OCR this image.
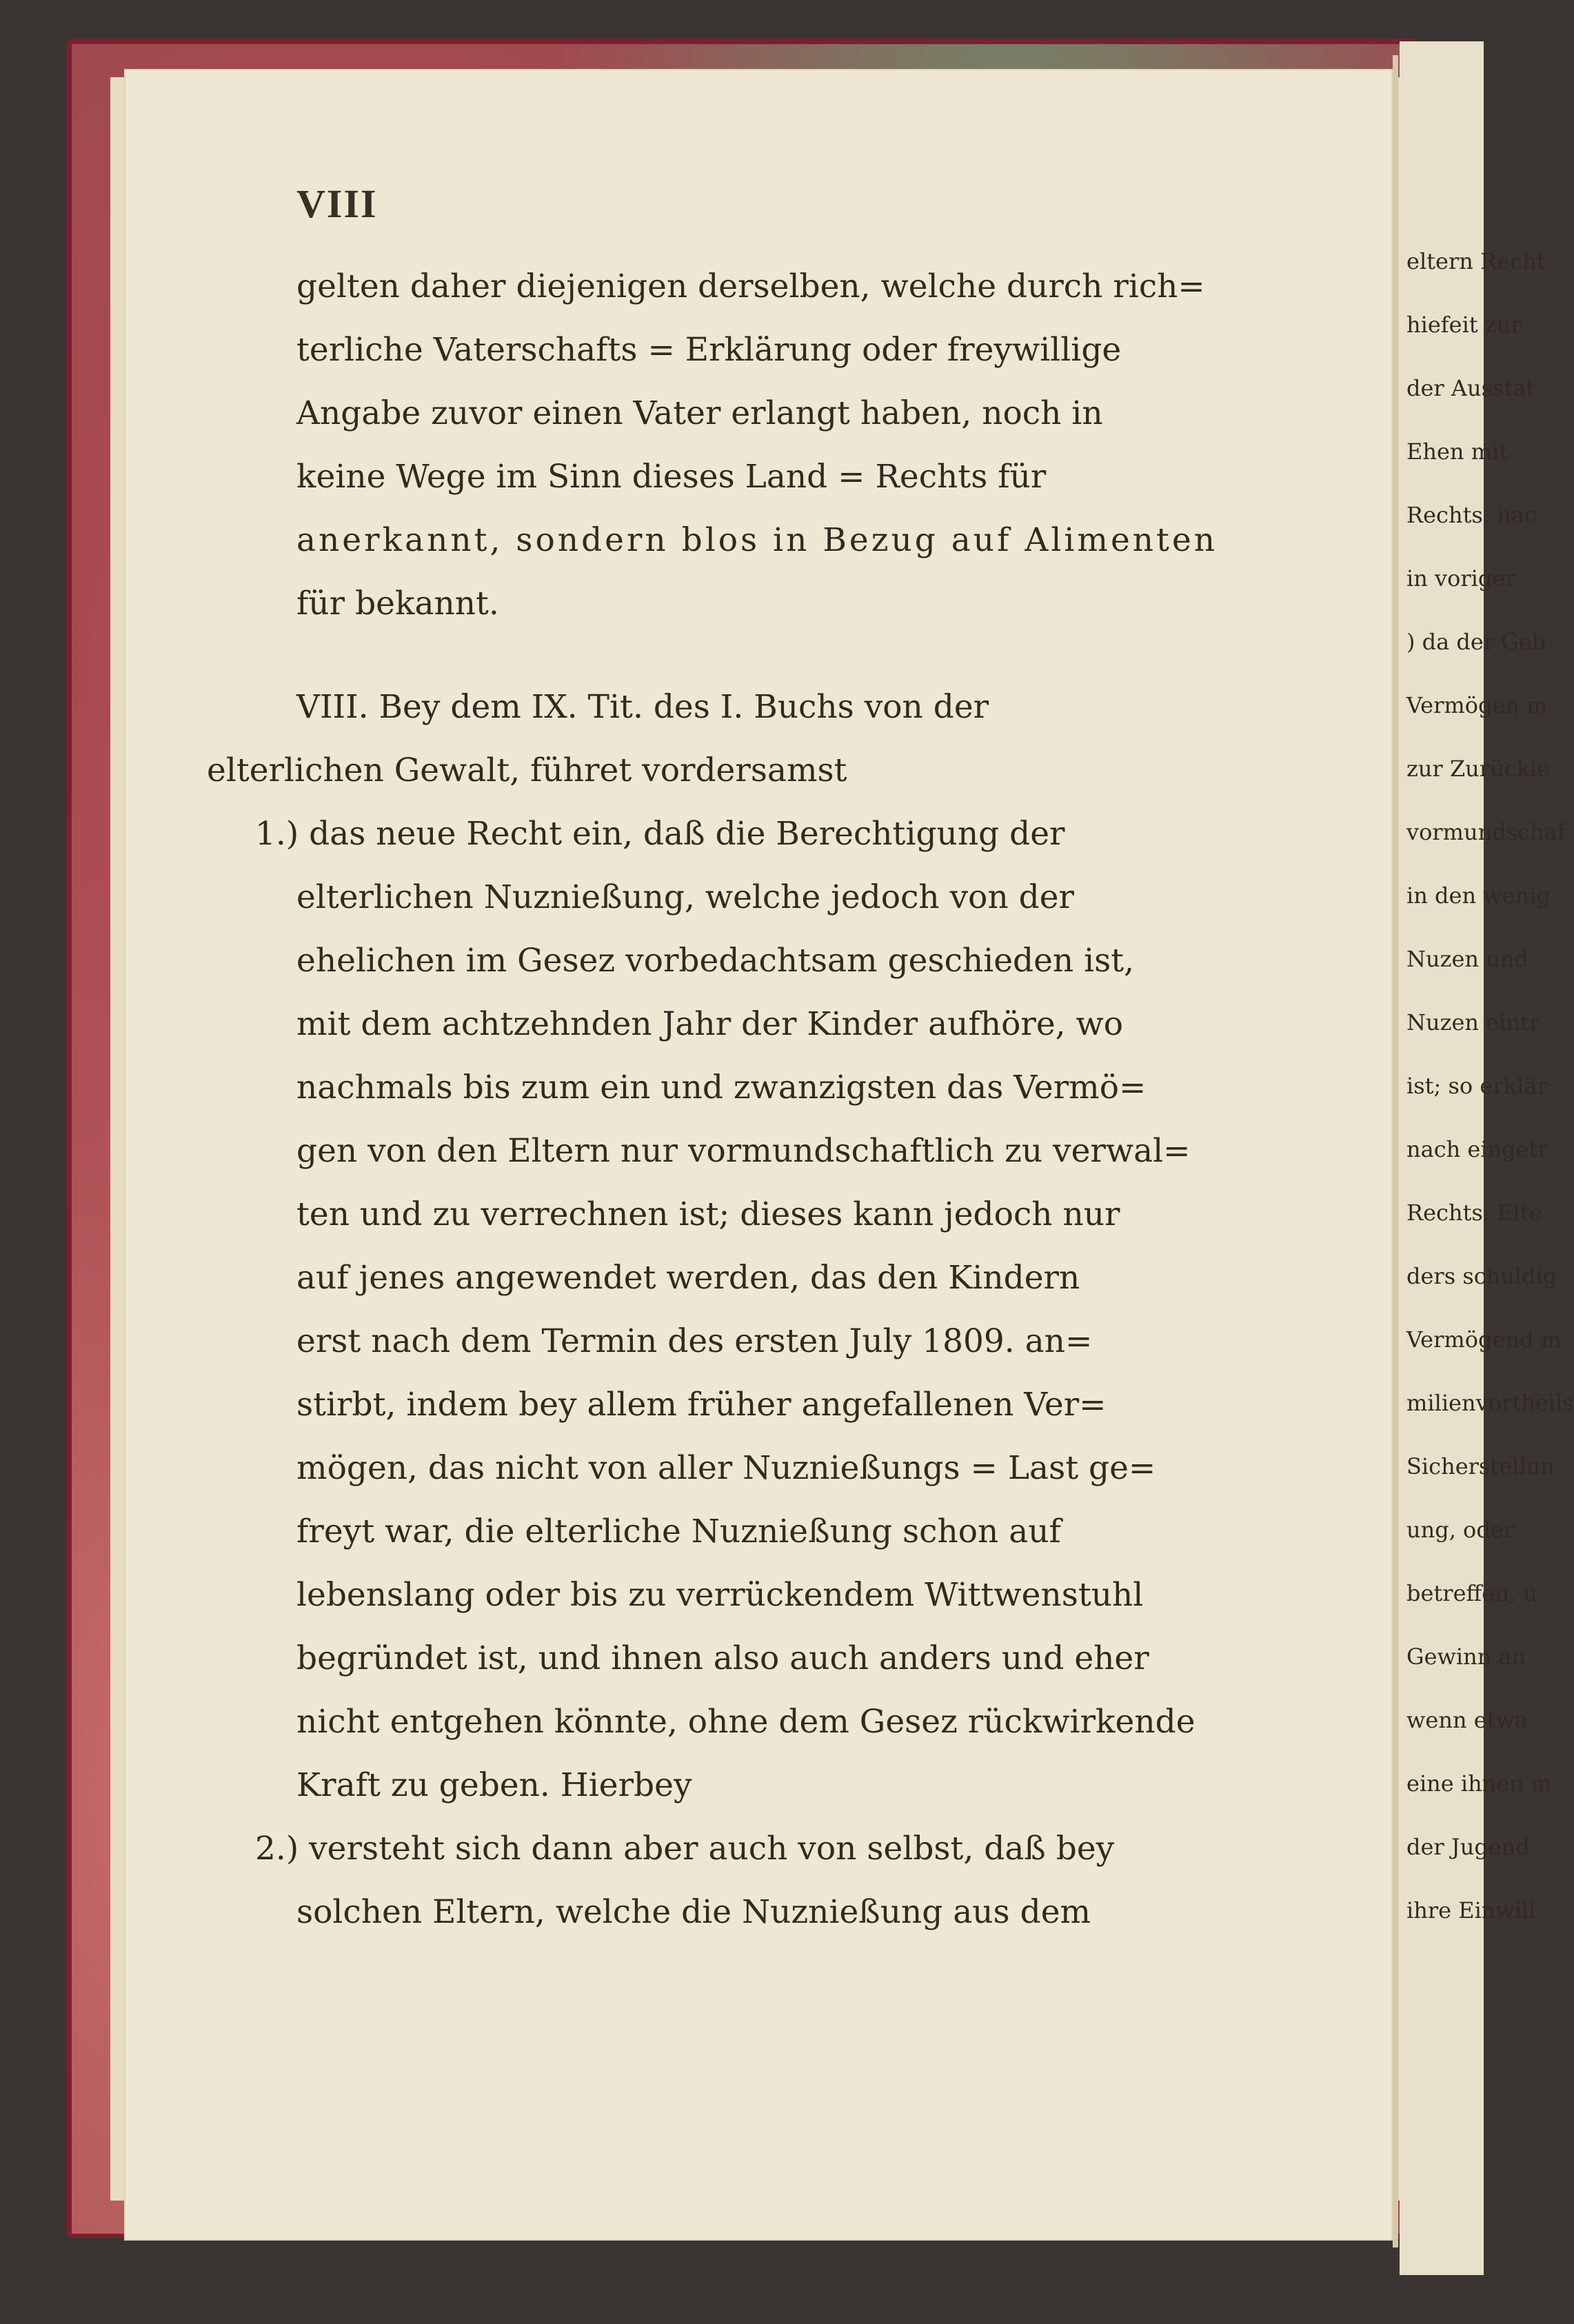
VIII
gelten daher diejenigen derselben, welche durch rich=
terliche Vaterschafts = Erklärung oder freywillige
Angabe zuvor einen Vater erlangt haben, noch in
keine Wege im Sinn dieses Land = Rechts für
anerkannt, sondern blos in Bezug auf Alimenten
für bekannt.
VIII. Bey dem IX. Tit. des I. Buchs von der
elterlichen Gewalt, führet vordersamst
1.) das neue Recht ein, daß die Berechtigung der
elterlichen Nuznießung, welche jedoch von der
ehelichen im Gesez vorbedachtsam geschieden ist,
mit dem achtzehnden Jahr der Kinder aufhöre, wo
nachmals bis zum ein und zwanzigsten das Vermö=
gen von den Eltern nur vormundschaftlich zu verwal=
ten und zu verrechnen ist; dieses kann jedoch nur
auf jenes angewendet werden, das den Kindern
erst nach dem Termin des ersten July 1809. an=
stirbt, indem bey allem früher angefallenen Ver=
mögen, das nicht von aller Nuznießungs = Last ge=
freyt war, die elterliche Nuznießung schon auf
lebenslang oder bis zu verrückendem Wittwenstuhl
begründet ist, und ihnen also auch anders und eher
nicht entgehen könnte, ohne dem Gesez rückwirkende
Kraft zu geben. Hierbey
2.) versteht sich dann aber auch von selbst, daß bey
solchen Eltern, welche die Nuznießung aus dem
eltern Recht
hiefeit zur
der Ausstat
Ehen mit
Rechts, nac
in voriger
) da der Geb
Vermögen m
zur Zurückle
vormundschaf
in den wenig
Nuzen und
Nuzen eintr
ist; so erklär
nach eingetr
Rechts, Elte
ders schuldig
Vermögend m
milienvortheils
Sicherstellun
ung, oder
betreffen, u
Gewinn an
wenn etwa
eine ihnen m
der Jugend
ihre Einwill
